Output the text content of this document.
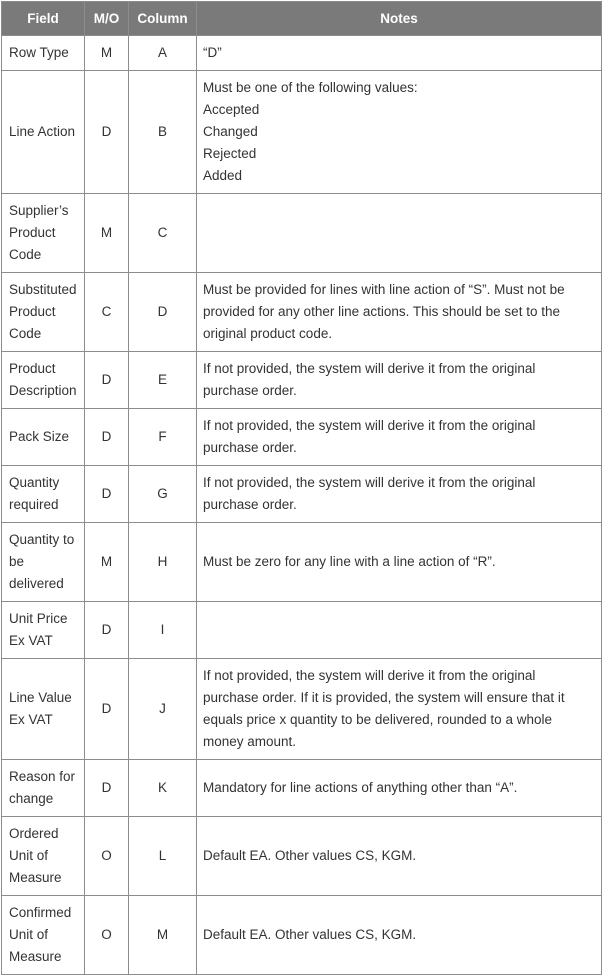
Field	M/O	Column	Notes
Row Type	M	A	“D”

Line Action	D	B	Must be one of the following values:
Accepted
Changed
Rejected
Added

Supplier’s Product Code	M	C	
Substituted Product Code	C	D	Must be provided for lines with line action of “S”. Must not be provided for any other line actions. This should be set to the original product code.

Product Description	D	E	If not provided, the system will derive it from the original purchase order.

Pack Size	D	F	If not provided, the system will derive it from the original purchase order.

Quantity required	D	G	If not provided, the system will derive it from the original purchase order.

Quantity to be delivered	M	H	Must be zero for any line with a line action of “R”.

Unit Price Ex VAT	D	I	
Line Value Ex VAT	D	J	If not provided, the system will derive it from the original purchase order. If it is provided, the system will ensure that it equals price x quantity to be delivered, rounded to a whole money amount.

Reason for change	D	K	Mandatory for line actions of anything other than “A”.

Ordered Unit of Measure	O	L	Default EA. Other values CS, KGM.

Confirmed Unit of Measure	O	M	Default EA. Other values CS, KGM.
